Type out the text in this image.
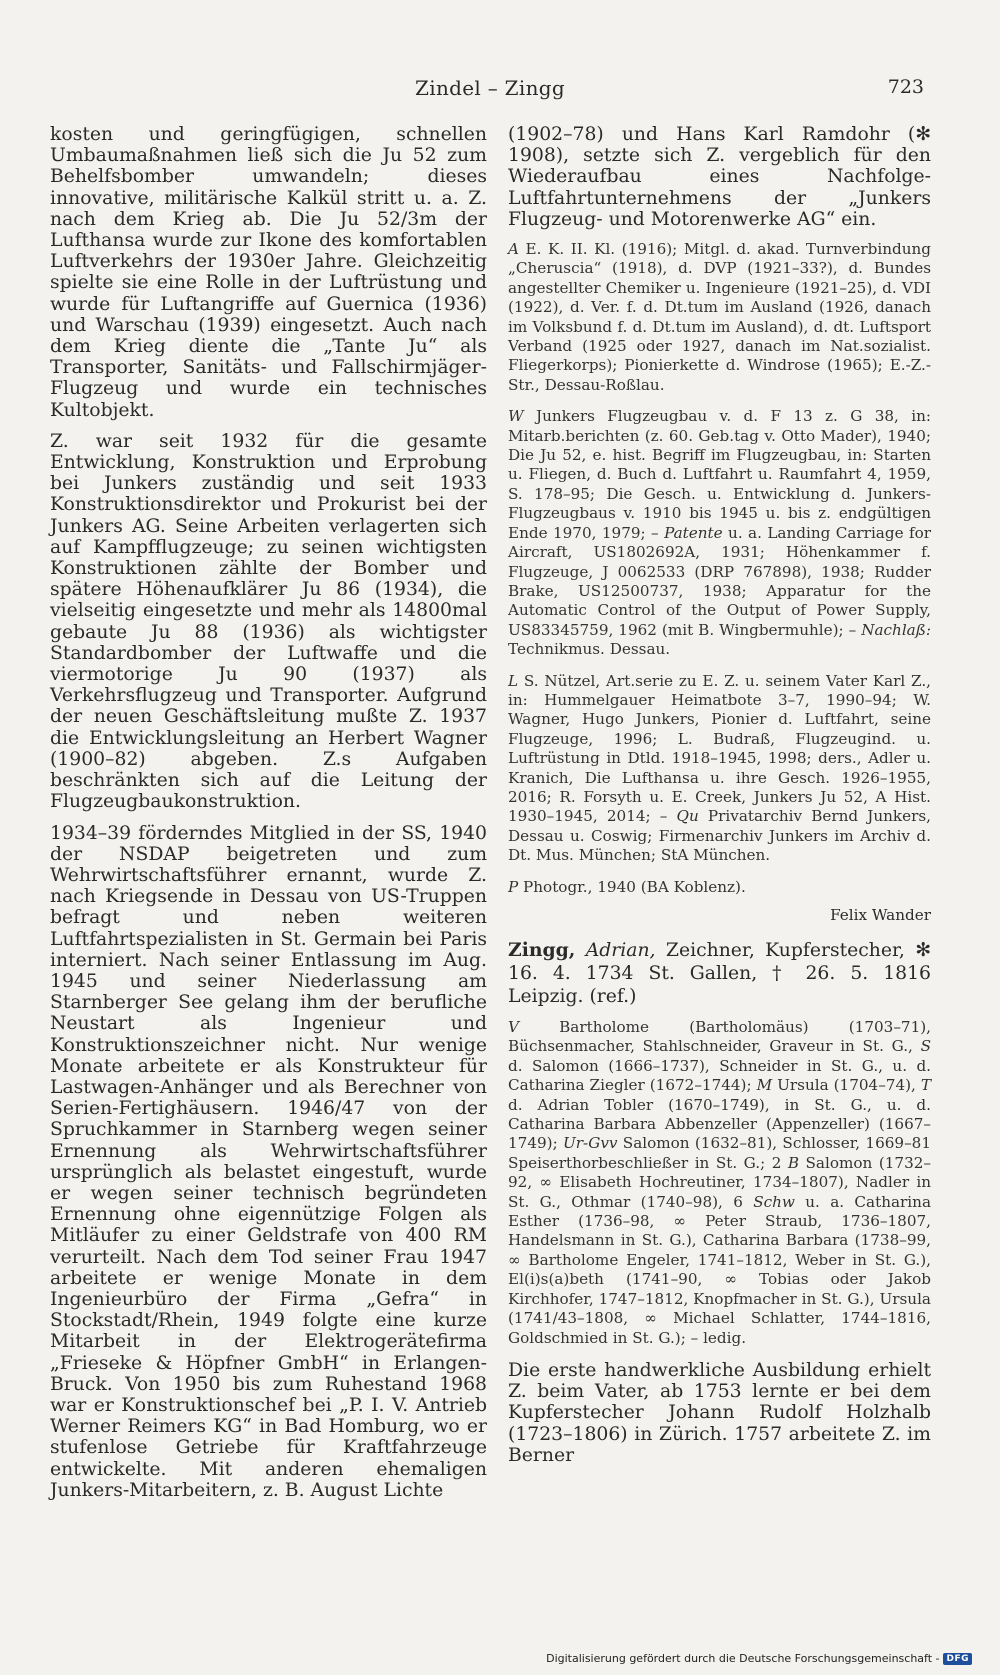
Zindel – Zingg	723

kosten und geringfügigen, schnellen Umbaumaßnahmen ließ sich die Ju 52 zum Behelfsbomber umwandeln; dieses innovative, militärische Kalkül stritt u. a. Z. nach dem Krieg ab. Die Ju 52/3m der Lufthansa wurde zur Ikone des komfortablen Luftverkehrs der 1930er Jahre. Gleichzeitig spielte sie eine Rolle in der Luftrüstung und wurde für Luftangriffe auf Guernica (1936) und Warschau (1939) eingesetzt. Auch nach dem Krieg diente die „Tante Ju“ als Transporter, Sanitäts- und Fallschirmjäger-Flugzeug und wurde ein technisches Kultobjekt.

Z. war seit 1932 für die gesamte Entwicklung, Konstruktion und Erprobung bei Junkers zuständig und seit 1933 Konstruktionsdirektor und Prokurist bei der Junkers AG. Seine Arbeiten verlagerten sich auf Kampfflugzeuge; zu seinen wichtigsten Konstruktionen zählte der Bomber und spätere Höhenaufklärer Ju 86 (1934), die vielseitig eingesetzte und mehr als 14800mal gebaute Ju 88 (1936) als wichtigster Standardbomber der Luftwaffe und die viermotorige Ju 90 (1937) als Verkehrsflugzeug und Transporter. Aufgrund der neuen Geschäftsleitung mußte Z. 1937 die Entwicklungsleitung an Herbert Wagner (1900–82) abgeben. Z.s Aufgaben beschränkten sich auf die Leitung der Flugzeugbaukonstruktion.

1934–39 förderndes Mitglied in der SS, 1940 der NSDAP beigetreten und zum Wehrwirtschaftsführer ernannt, wurde Z. nach Kriegsende in Dessau von US-Truppen befragt und neben weiteren Luftfahrtspezialisten in St. Germain bei Paris interniert. Nach seiner Entlassung im Aug. 1945 und seiner Niederlassung am Starnberger See gelang ihm der berufliche Neustart als Ingenieur und Konstruktionszeichner nicht. Nur wenige Monate arbeitete er als Konstrukteur für Lastwagen-Anhänger und als Berechner von Serien-Fertighäusern. 1946/47 von der Spruchkammer in Starnberg wegen seiner Ernennung als Wehrwirtschaftsführer ursprünglich als belastet eingestuft, wurde er wegen seiner technisch begründeten Ernennung ohne eigennützige Folgen als Mitläufer zu einer Geldstrafe von 400 RM verurteilt. Nach dem Tod seiner Frau 1947 arbeitete er wenige Monate in dem Ingenieurbüro der Firma „Gefra“ in Stockstadt/Rhein, 1949 folgte eine kurze Mitarbeit in der Elektrogerätefirma „Frieseke & Höpfner GmbH“ in Erlangen-Bruck. Von 1950 bis zum Ruhestand 1968 war er Konstruktionschef bei „P. I. V. Antrieb Werner Reimers KG“ in Bad Homburg, wo er stufenlose Getriebe für Kraftfahrzeuge entwickelte. Mit anderen ehemaligen Junkers-Mitarbeitern, z. B. August Lichte

(1902–78) und Hans Karl Ramdohr (✻ 1908), setzte sich Z. vergeblich für den Wiederaufbau eines Nachfolge-Luftfahrtunternehmens der „Junkers Flugzeug- und Motorenwerke AG“ ein.

A E. K. II. Kl. (1916); Mitgl. d. akad. Turnverbindung „Cheruscia“ (1918), d. DVP (1921–33?), d. Bundes angestellter Chemiker u. Ingenieure (1921–25), d. VDI (1922), d. Ver. f. d. Dt.tum im Ausland (1926, danach im Volksbund f. d. Dt.tum im Ausland), d. dt. Luftsport Verband (1925 oder 1927, danach im Nat.sozialist. Fliegerkorps); Pionierkette d. Windrose (1965); E.-Z.-Str., Dessau-Roßlau.

W Junkers Flugzeugbau v. d. F 13 z. G 38, in: Mitarb.berichten (z. 60. Geb.tag v. Otto Mader), 1940; Die Ju 52, e. hist. Begriff im Flugzeugbau, in: Starten u. Fliegen, d. Buch d. Luftfahrt u. Raumfahrt 4, 1959, S. 178–95; Die Gesch. u. Entwicklung d. Junkers-Flugzeugbaus v. 1910 bis 1945 u. bis z. endgültigen Ende 1970, 1979; – Patente u. a. Landing Carriage for Aircraft, US1802692A, 1931; Höhenkammer f. Flugzeuge, J 0062533 (DRP 767898), 1938; Rudder Brake, US12500737, 1938; Apparatur for the Automatic Control of the Output of Power Supply, US83345759, 1962 (mit B. Wingbermuhle); – Nachlaß: Technikmus. Dessau.

L S. Nützel, Art.serie zu E. Z. u. seinem Vater Karl Z., in: Hummelgauer Heimatbote 3–7, 1990–94; W. Wagner, Hugo Junkers, Pionier d. Luftfahrt, seine Flugzeuge, 1996; L. Budraß, Flugzeugind. u. Luftrüstung in Dtld. 1918–1945, 1998; ders., Adler u. Kranich, Die Lufthansa u. ihre Gesch. 1926–1955, 2016; R. Forsyth u. E. Creek, Junkers Ju 52, A Hist. 1930–1945, 2014; – Qu Privatarchiv Bernd Junkers, Dessau u. Coswig; Firmenarchiv Junkers im Archiv d. Dt. Mus. München; StA München.

P Photogr., 1940 (BA Koblenz).

Felix Wander

Zingg, Adrian, Zeichner, Kupferstecher, ✻ 16. 4. 1734 St. Gallen, † 26. 5. 1816 Leipzig. (ref.)

V Bartholome (Bartholomäus) (1703–71), Büchsenmacher, Stahlschneider, Graveur in St. G., S d. Salomon (1666–1737), Schneider in St. G., u. d. Catharina Ziegler (1672–1744); M Ursula (1704–74), T d. Adrian Tobler (1670–1749), in St. G., u. d. Catharina Barbara Abbenzeller (Appenzeller) (1667–1749); Ur-Gvv Salomon (1632–81), Schlosser, 1669–81 Speiserthorbeschließer in St. G.; 2 B Salomon (1732–92, ∞ Elisabeth Hochreutiner, 1734–1807), Nadler in St. G., Othmar (1740–98), 6 Schw u. a. Catharina Esther (1736–98, ∞ Peter Straub, 1736–1807, Handelsmann in St. G.), Catharina Barbara (1738–99, ∞ Bartholome Engeler, 1741–1812, Weber in St. G.), El(i)s(a)beth (1741–90, ∞ Tobias oder Jakob Kirchhofer, 1747–1812, Knopfmacher in St. G.), Ursula (1741/43–1808, ∞ Michael Schlatter, 1744–1816, Goldschmied in St. G.); – ledig.

Die erste handwerkliche Ausbildung erhielt Z. beim Vater, ab 1753 lernte er bei dem Kupferstecher Johann Rudolf Holzhalb (1723–1806) in Zürich. 1757 arbeitete Z. im Berner

Digitalisierung gefördert durch die Deutsche Forschungsgemeinschaft - DFG
